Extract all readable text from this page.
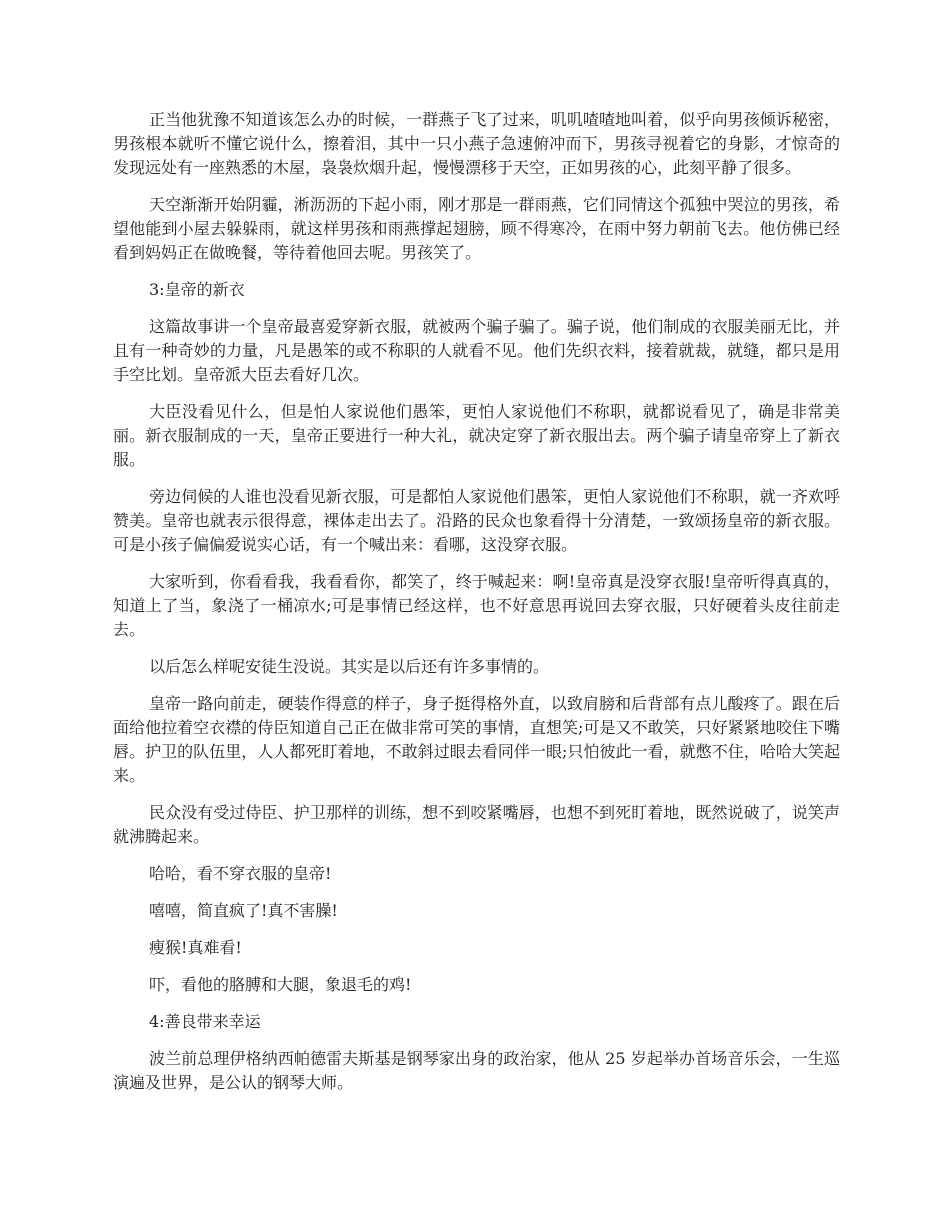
正当他犹豫不知道该怎么办的时候，一群燕子飞了过来，叽叽喳喳地叫着，似乎向男孩倾诉秘密，男孩根本就听不懂它说什么，擦着泪，其中一只小燕子急速俯冲而下，男孩寻视着它的身影，才惊奇的发现远处有一座熟悉的木屋，袅袅炊烟升起，慢慢漂移于天空，正如男孩的心，此刻平静了很多。

天空渐渐开始阴霾，淅沥沥的下起小雨，刚才那是一群雨燕，它们同情这个孤独中哭泣的男孩，希望他能到小屋去躲躲雨，就这样男孩和雨燕撑起翅膀，顾不得寒冷，在雨中努力朝前飞去。他仿佛已经看到妈妈正在做晚餐，等待着他回去呢。男孩笑了。

3:皇帝的新衣

这篇故事讲一个皇帝最喜爱穿新衣服，就被两个骗子骗了。骗子说，他们制成的衣服美丽无比，并且有一种奇妙的力量，凡是愚笨的或不称职的人就看不见。他们先织衣料，接着就裁，就缝，都只是用手空比划。皇帝派大臣去看好几次。

大臣没看见什么，但是怕人家说他们愚笨，更怕人家说他们不称职，就都说看见了，确是非常美丽。新衣服制成的一天，皇帝正要进行一种大礼，就决定穿了新衣服出去。两个骗子请皇帝穿上了新衣服。

旁边伺候的人谁也没看见新衣服，可是都怕人家说他们愚笨，更怕人家说他们不称职，就一齐欢呼赞美。皇帝也就表示很得意，裸体走出去了。沿路的民众也象看得十分清楚，一致颂扬皇帝的新衣服。可是小孩子偏偏爱说实心话，有一个喊出来：看哪，这没穿衣服。

大家听到，你看看我，我看看你，都笑了，终于喊起来：啊!皇帝真是没穿衣服!皇帝听得真真的，知道上了当，象浇了一桶凉水;可是事情已经这样，也不好意思再说回去穿衣服，只好硬着头皮往前走去。

以后怎么样呢安徒生没说。其实是以后还有许多事情的。

皇帝一路向前走，硬装作得意的样子，身子挺得格外直，以致肩膀和后背部有点儿酸疼了。跟在后面给他拉着空衣襟的侍臣知道自己正在做非常可笑的事情，直想笑;可是又不敢笑，只好紧紧地咬住下嘴唇。护卫的队伍里，人人都死盯着地，不敢斜过眼去看同伴一眼;只怕彼此一看，就憋不住，哈哈大笑起来。

民众没有受过侍臣、护卫那样的训练，想不到咬紧嘴唇，也想不到死盯着地，既然说破了，说笑声就沸腾起来。

哈哈，看不穿衣服的皇帝!

嘻嘻，简直疯了!真不害臊!

瘦猴!真难看!

吓，看他的胳膊和大腿，象退毛的鸡!

4:善良带来幸运

波兰前总理伊格纳西帕德雷夫斯基是钢琴家出身的政治家，他从 25 岁起举办首场音乐会，一生巡演遍及世界，是公认的钢琴大师。
